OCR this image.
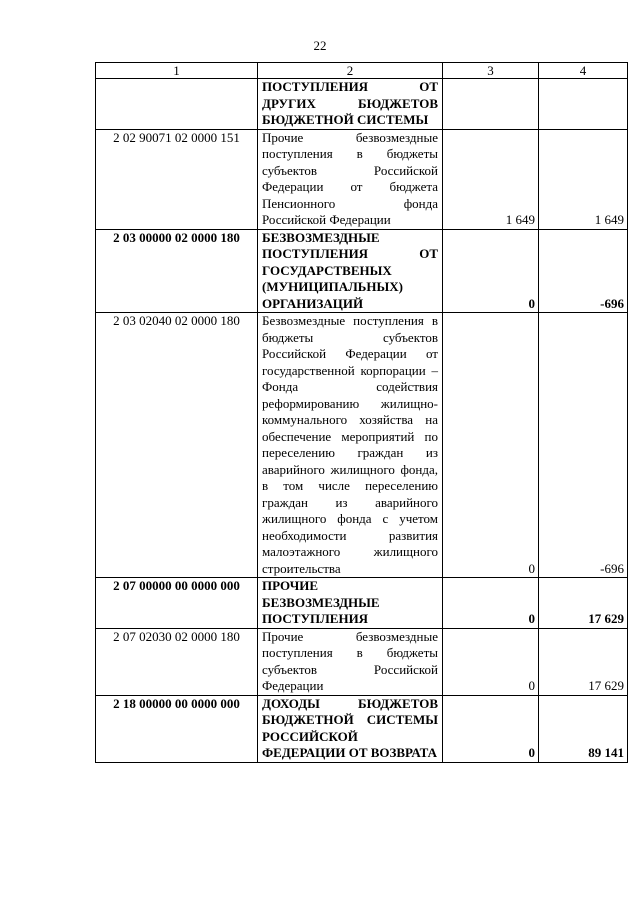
22
1	2	3	4
	ПОСТУПЛЕНИЯ ОТ ДРУГИХ БЮДЖЕТОВ БЮДЖЕТНОЙ СИСТЕМЫ		
2 02 90071 02 0000 151	Прочие безвозмездные поступления в бюджеты субъектов Российской Федерации от бюджета Пенсионного фонда Российской Федерации	1 649	1 649
2 03 00000 02 0000 180	БЕЗВОЗМЕЗДНЫЕ ПОСТУПЛЕНИЯ ОТ ГОСУДАРСТВЕНЫХ (МУНИЦИПАЛЬНЫХ) ОРГАНИЗАЦИЙ	0	-696
2 03 02040 02 0000 180	Безвозмездные поступления в бюджеты субъектов Российской Федерации от государственной корпорации – Фонда содействия реформированию жилищно-коммунального хозяйства на обеспечение мероприятий по переселению граждан из аварийного жилищного фонда, в том числе переселению граждан из аварийного жилищного фонда с учетом необходимости развития малоэтажного жилищного строительства	0	-696
2 07 00000 00 0000 000	ПРОЧИЕ БЕЗВОЗМЕЗДНЫЕ ПОСТУПЛЕНИЯ	0	17 629
2 07 02030 02 0000 180	Прочие безвозмездные поступления в бюджеты субъектов Российской Федерации	0	17 629
2 18 00000 00 0000 000	ДОХОДЫ БЮДЖЕТОВ БЮДЖЕТНОЙ СИСТЕМЫ РОССИЙСКОЙ ФЕДЕРАЦИИ ОТ ВОЗВРАТА	0	89 141
